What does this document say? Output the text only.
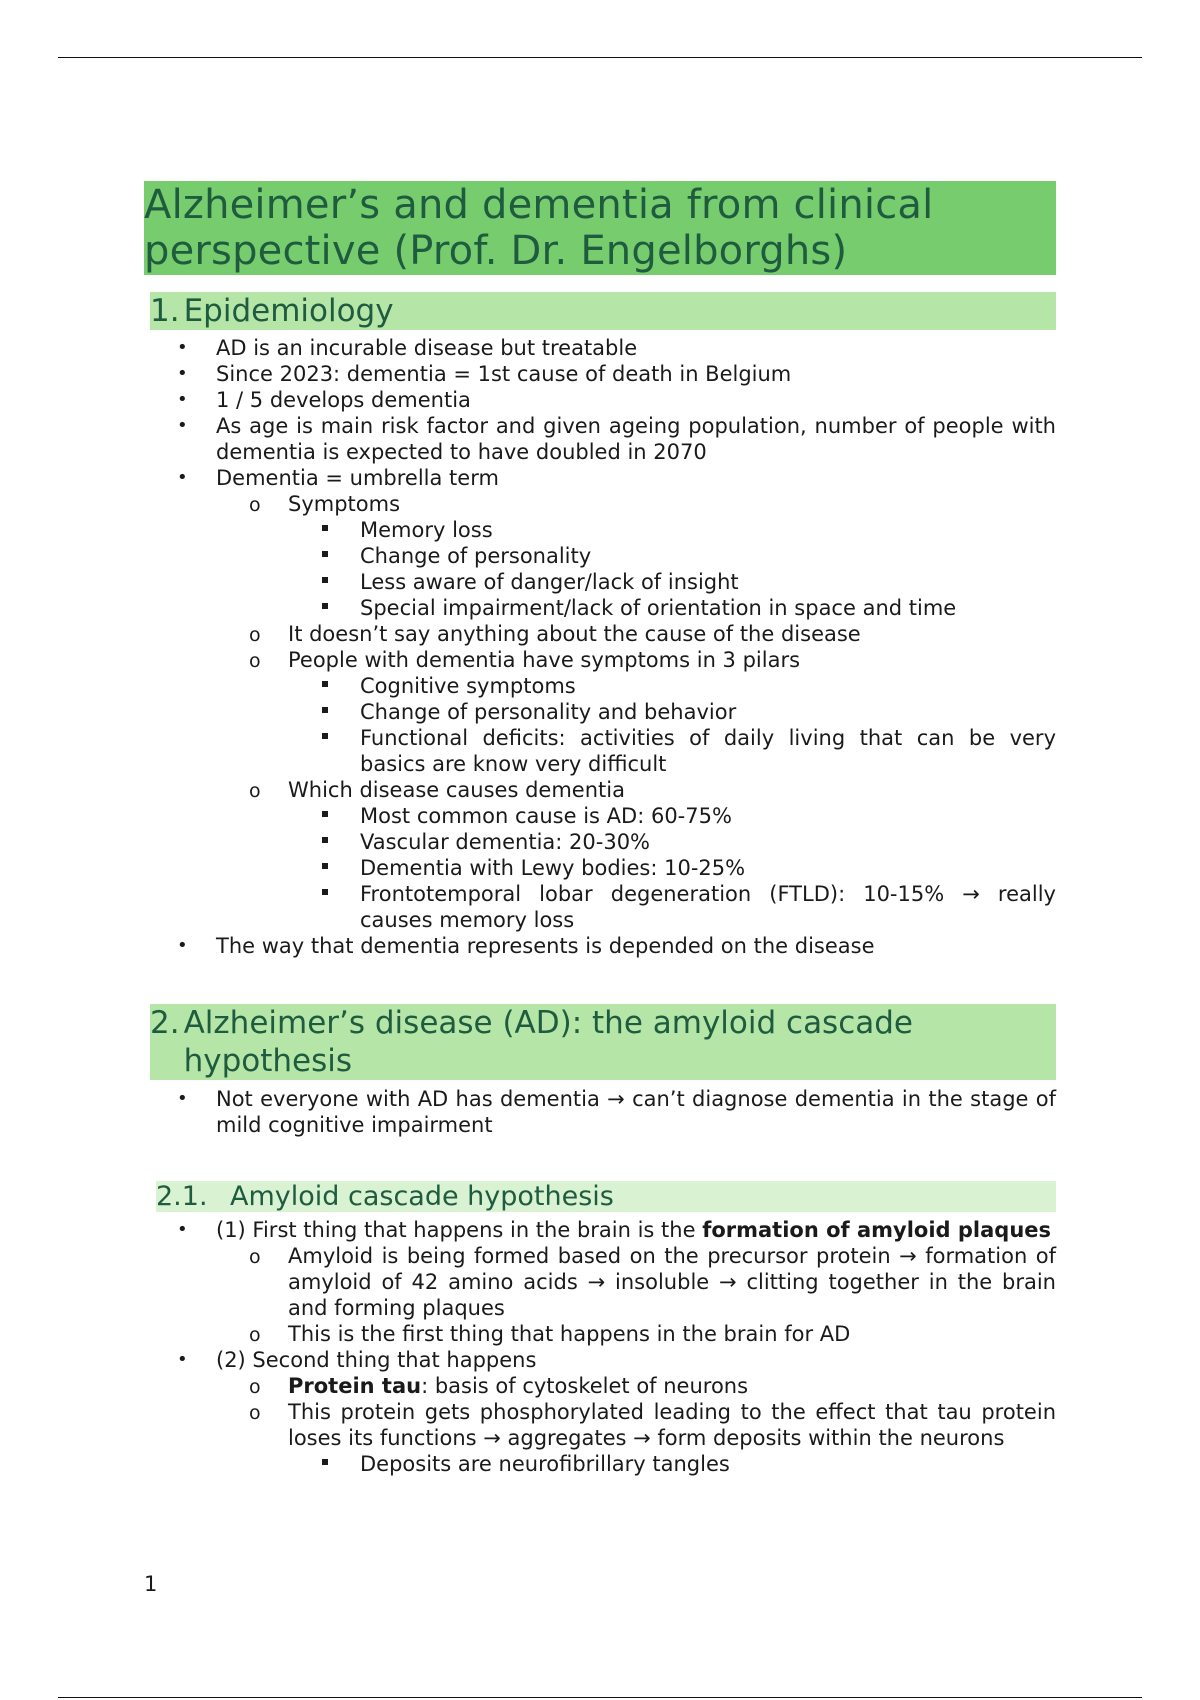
Alzheimer’s and dementia from clinical perspective (Prof. Dr. Engelborghs)
1. Epidemiology
• AD is an incurable disease but treatable
• Since 2023: dementia = 1st cause of death in Belgium
• 1 / 5 develops dementia
• As age is main risk factor and given ageing population, number of people with dementia is expected to have doubled in 2070
• Dementia = umbrella term
o Symptoms
Memory loss
Change of personality
Less aware of danger/lack of insight
Special impairment/lack of orientation in space and time
o It doesn’t say anything about the cause of the disease
o People with dementia have symptoms in 3 pilars
Cognitive symptoms
Change of personality and behavior
Functional deficits: activities of daily living that can be very basics are know very difficult
o Which disease causes dementia
Most common cause is AD: 60-75%
Vascular dementia: 20-30%
Dementia with Lewy bodies: 10-25%
Frontotemporal lobar degeneration (FTLD): 10-15% → really causes memory loss
• The way that dementia represents is depended on the disease
2. Alzheimer’s disease (AD): the amyloid cascade hypothesis
• Not everyone with AD has dementia → can’t diagnose dementia in the stage of mild cognitive impairment
2.1. Amyloid cascade hypothesis
• (1) First thing that happens in the brain is the formation of amyloid plaques
o Amyloid is being formed based on the precursor protein → formation of amyloid of 42 amino acids → insoluble → clitting together in the brain and forming plaques
o This is the first thing that happens in the brain for AD
• (2) Second thing that happens
o Protein tau: basis of cytoskelet of neurons
o This protein gets phosphorylated leading to the effect that tau protein loses its functions → aggregates → form deposits within the neurons
Deposits are neurofibrillary tangles
1
